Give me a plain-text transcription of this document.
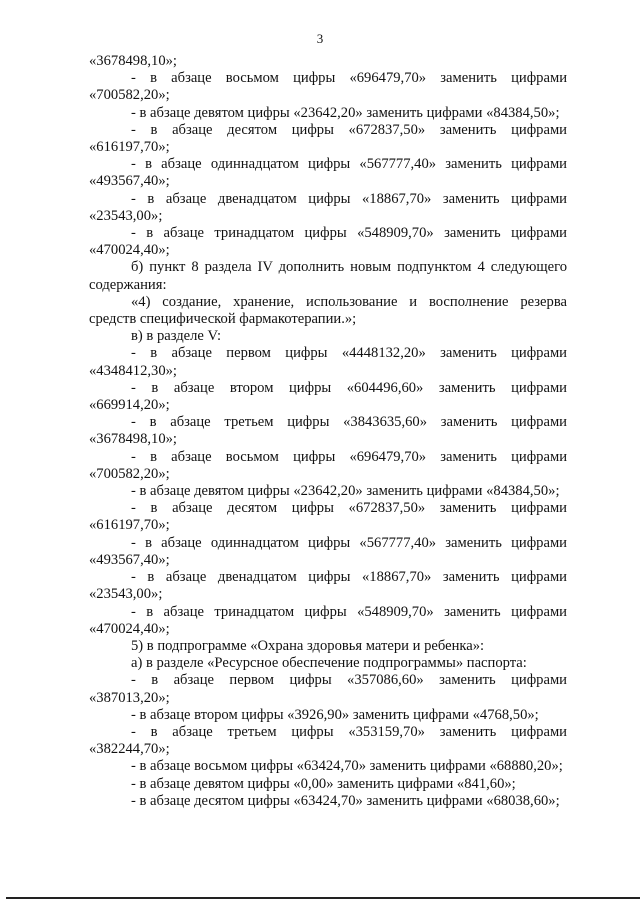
3

«3678498,10»;

- в абзаце восьмом цифры «696479,70» заменить цифрами

«700582,20»;

- в абзаце девятом цифры «23642,20» заменить цифрами «84384,50»;

- в абзаце десятом цифры «672837,50» заменить цифрами

«616197,70»;

- в абзаце одиннадцатом цифры «567777,40» заменить цифрами

«493567,40»;

- в абзаце двенадцатом цифры «18867,70» заменить цифрами

«23543,00»;

- в абзаце тринадцатом цифры «548909,70» заменить цифрами

«470024,40»;

б) пункт 8 раздела IV дополнить новым подпунктом 4 следующего

содержания:

«4) создание, хранение, использование и восполнение резерва

средств специфической фармакотерапии.»;

в) в разделе V:

- в абзаце первом цифры «4448132,20» заменить цифрами

«4348412,30»;

- в абзаце втором цифры «604496,60» заменить цифрами

«669914,20»;

- в абзаце третьем цифры «3843635,60» заменить цифрами

«3678498,10»;

- в абзаце восьмом цифры «696479,70» заменить цифрами

«700582,20»;

- в абзаце девятом цифры «23642,20» заменить цифрами «84384,50»;

- в абзаце десятом цифры «672837,50» заменить цифрами

«616197,70»;

- в абзаце одиннадцатом цифры «567777,40» заменить цифрами

«493567,40»;

- в абзаце двенадцатом цифры «18867,70» заменить цифрами

«23543,00»;

- в абзаце тринадцатом цифры «548909,70» заменить цифрами

«470024,40»;

5) в подпрограмме «Охрана здоровья матери и ребенка»:

а) в разделе «Ресурсное обеспечение подпрограммы» паспорта:

- в абзаце первом цифры «357086,60» заменить цифрами

«387013,20»;

- в абзаце втором цифры «3926,90» заменить цифрами «4768,50»;

- в абзаце третьем цифры «353159,70» заменить цифрами

«382244,70»;

- в абзаце восьмом цифры «63424,70» заменить цифрами «68880,20»;

- в абзаце девятом цифры «0,00» заменить цифрами «841,60»;

- в абзаце десятом цифры «63424,70» заменить цифрами «68038,60»;
